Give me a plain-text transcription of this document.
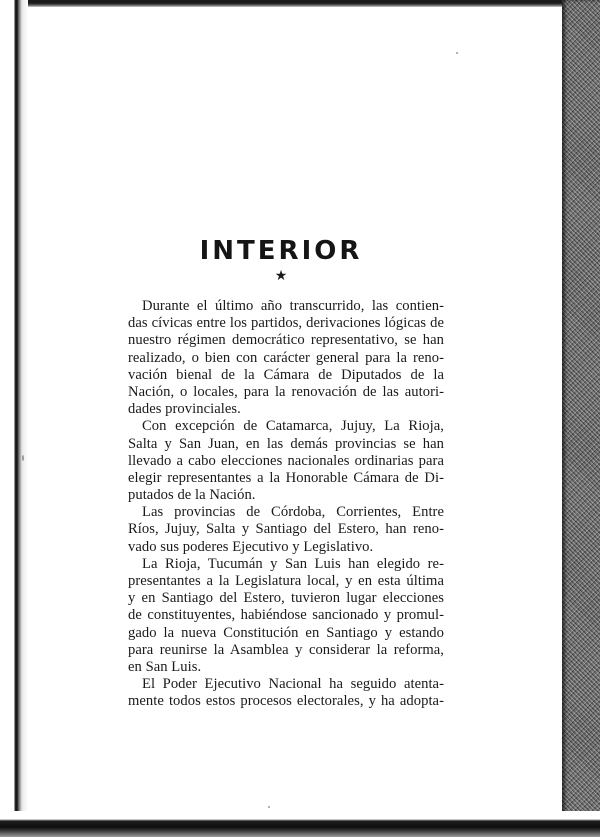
INTERIOR
★
Durante el último año transcurrido, las contien-
das cívicas entre los partidos, derivaciones lógicas de
nuestro régimen democrático representativo, se han
realizado, o bien con carácter general para la reno-
vación bienal de la Cámara de Diputados de la
Nación, o locales, para la renovación de las autori-
dades provinciales.
Con excepción de Catamarca, Jujuy, La Rioja,
Salta y San Juan, en las demás provincias se han
llevado a cabo elecciones nacionales ordinarias para
elegir representantes a la Honorable Cámara de Di-
putados de la Nación.
Las provincias de Córdoba, Corrientes, Entre
Ríos, Jujuy, Salta y Santiago del Estero, han reno-
vado sus poderes Ejecutivo y Legislativo.
La Rioja, Tucumán y San Luis han elegido re-
presentantes a la Legislatura local, y en esta última
y en Santiago del Estero, tuvieron lugar elecciones
de constituyentes, habiéndose sancionado y promul-
gado la nueva Constitución en Santiago y estando
para reunirse la Asamblea y considerar la reforma,
en San Luis.
El Poder Ejecutivo Nacional ha seguido atenta-
mente todos estos procesos electorales, y ha adopta-
